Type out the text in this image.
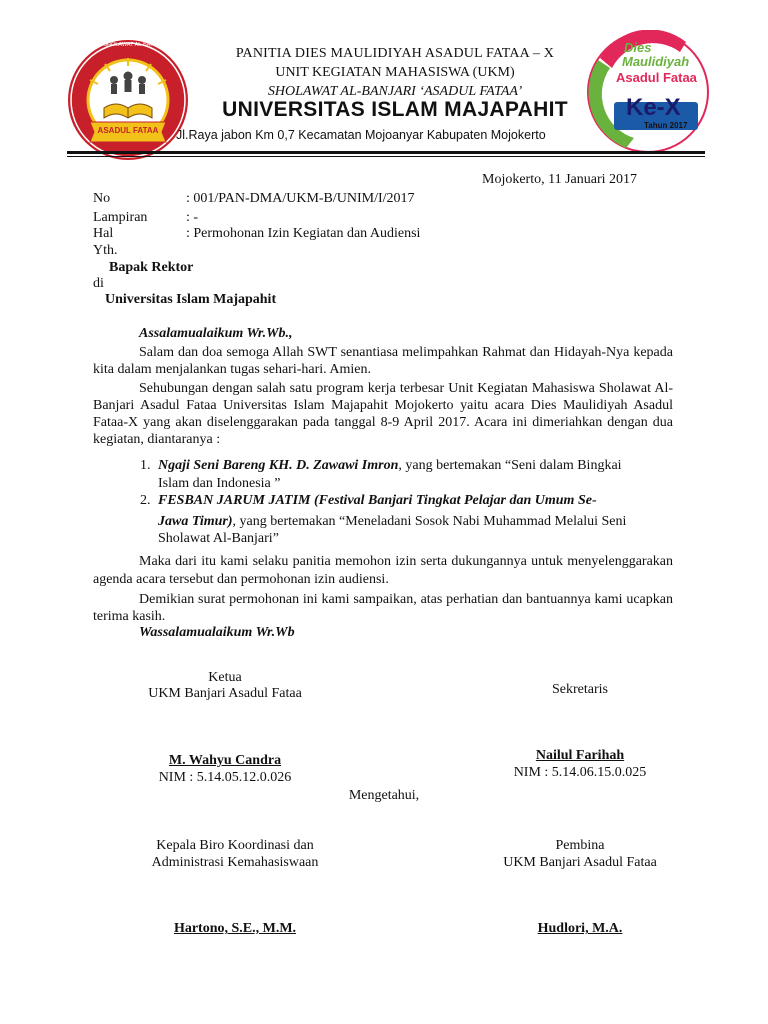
ASADUL FATAA
UKM SHOLAWAT AL-BANJARI
PANITIA DIES MAULIDIYAH ASADUL FATAA – X
UNIT KEGIATAN MAHASISWA (UKM)
SHOLAWAT AL-BANJARI ‘ASADUL FATAA’
UNIVERSITAS ISLAM MAJAPAHIT
Jl.Raya jabon Km 0,7 Kecamatan Mojoanyar Kabupaten Mojokerto
Dies
Maulidiyah
Asadul Fataa
Ke-X
Tahun 2017
Mojokerto, 11 Januari 2017
No	: 001/PAN-DMA/UKM-B/UNIM/I/2017
Lampiran	: -
Hal	: Permohonan Izin Kegiatan dan Audiensi
Yth.
Bapak Rektor
di
Universitas Islam Majapahit
Assalamualaikum Wr.Wb.,
Salam dan doa semoga Allah SWT senantiasa melimpahkan Rahmat dan Hidayah-Nya kepada kita dalam menjalankan tugas sehari-hari. Amien.
Sehubungan dengan salah satu program kerja terbesar Unit Kegiatan Mahasiswa Sholawat Al-Banjari Asadul Fataa Universitas Islam Majapahit Mojokerto yaitu acara Dies Maulidiyah Asadul Fataa-X yang akan diselenggarakan pada tanggal 8-9 April 2017. Acara ini dimeriahkan dengan dua kegiatan, diantaranya :
1. Ngaji Seni Bareng KH. D. Zawawi Imron, yang bertemakan “Seni dalam Bingkai
Islam dan Indonesia ”
2. FESBAN JARUM JATIM (Festival Banjari Tingkat Pelajar dan Umum Se-
Jawa Timur), yang bertemakan “Meneladani Sosok Nabi Muhammad Melalui Seni
Sholawat Al-Banjari”
Maka dari itu kami selaku panitia memohon izin serta dukungannya untuk menyelenggarakan agenda acara tersebut dan permohonan izin audiensi.
Demikian surat permohonan ini kami sampaikan, atas perhatian dan bantuannya kami ucapkan terima kasih.
Wassalamualaikum Wr.Wb
Ketua
UKM Banjari Asadul Fataa	Sekretaris
M. Wahyu Candra
NIM : 5.14.05.12.0.026
Nailul Farihah
NIM : 5.14.06.15.0.025
Mengetahui,
Kepala Biro Koordinasi dan
Administrasi Kemahasiswaan
Pembina
UKM Banjari Asadul Fataa
Hartono, S.E., M.M.	Hudlori, M.A.
